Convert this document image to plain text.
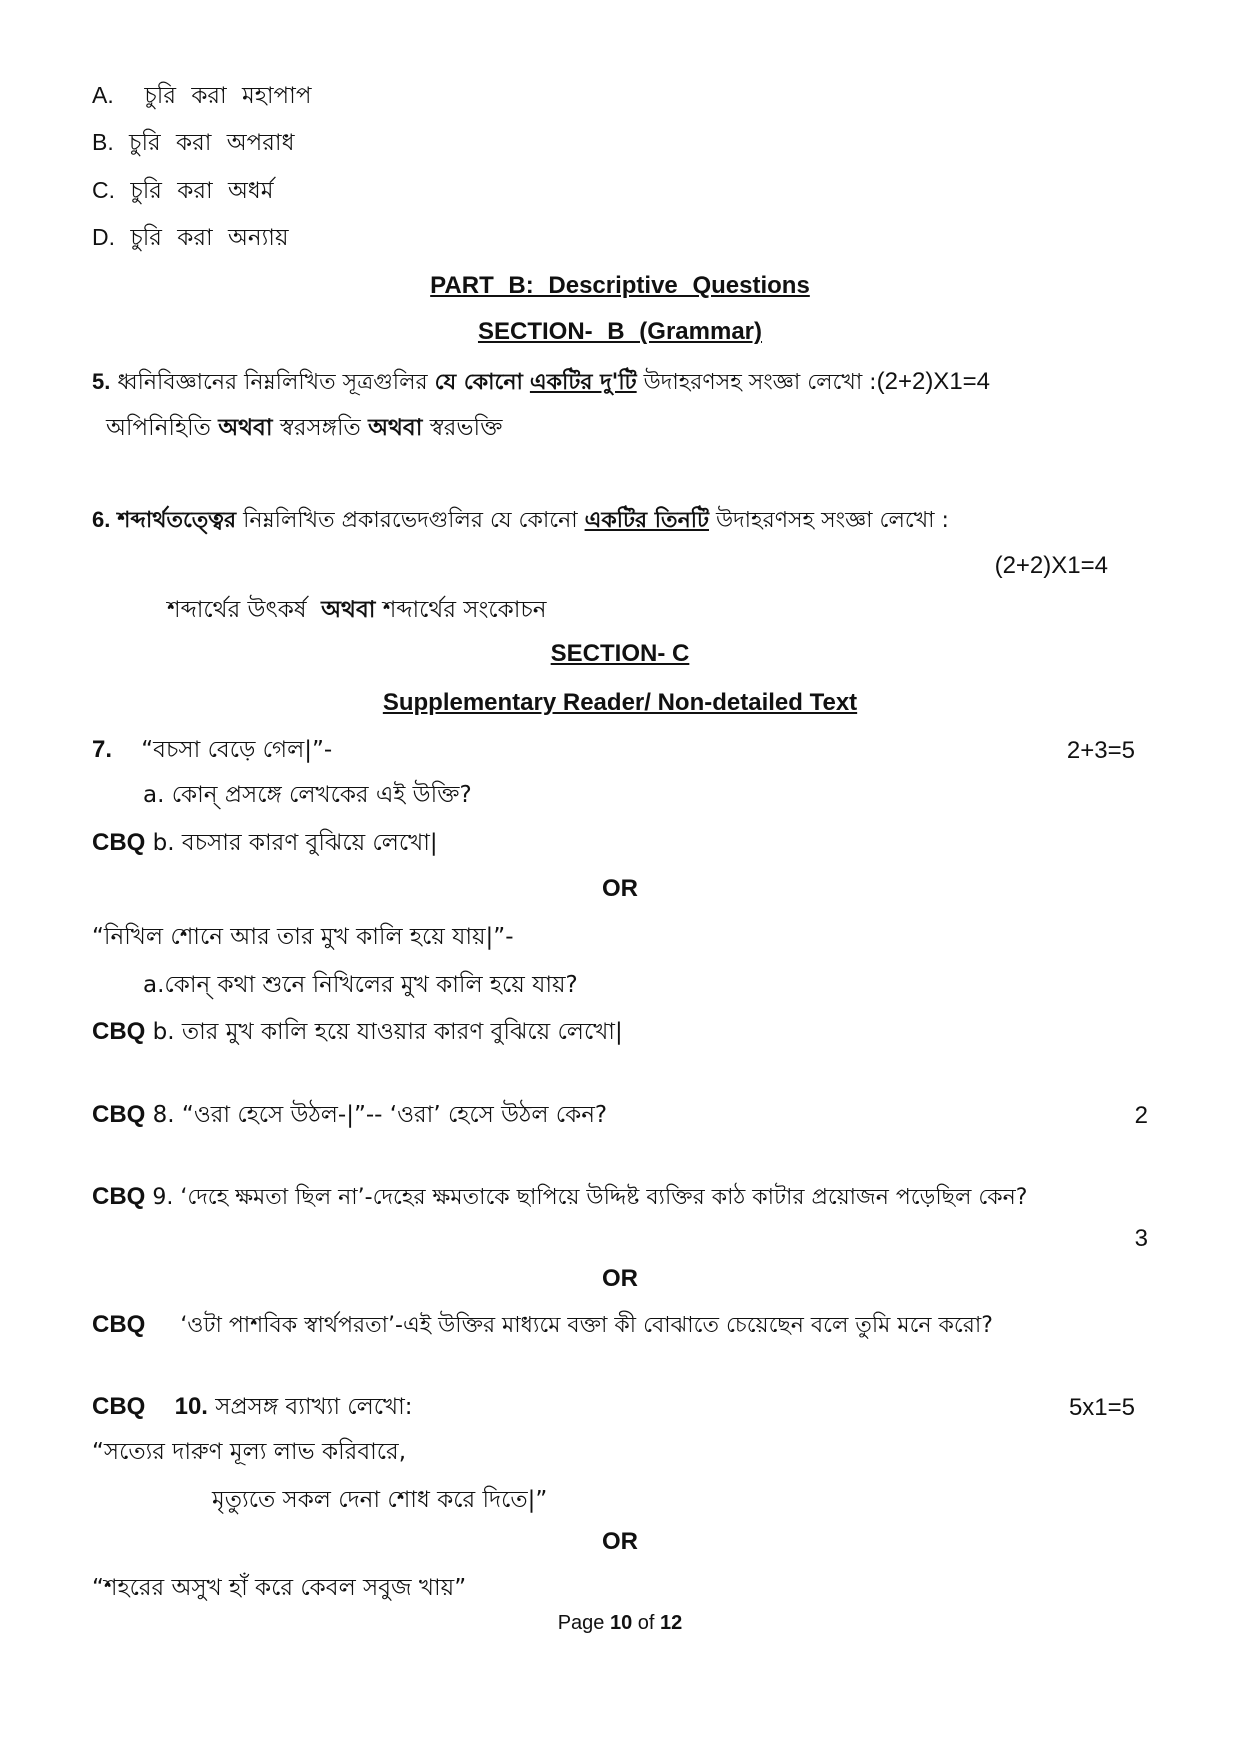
A. চুরি করা মহাপাপ
B. চুরি করা অপরাধ
C. চুরি করা অধর্ম
D. চুরি করা অন্যায়
PART B: Descriptive Questions
SECTION- B (Grammar)
5. ধ্বনিবিজ্ঞানের নিম্নলিখিত সূত্রগুলির যে কোনো একটির দু'টি উদাহরণসহ সংজ্ঞা লেখো :(2+2)X1=4
অপিনিহিতি অথবা স্বরসঙ্গতি অথবা স্বরভক্তি
6. শব্দার্থতত্ত্বের নিম্নলিখিত প্রকারভেদগুলির যে কোনো একটির তিনটি উদাহরণসহ সংজ্ঞা লেখো :
(2+2)X1=4
শব্দার্থের উৎকর্ষ অথবা শব্দার্থের সংকোচন
SECTION- C
Supplementary Reader/ Non-detailed Text
7. “বচসা বেড়ে গেল|”-	2+3=5
a. কোন্ প্রসঙ্গে লেখকের এই উক্তি?
CBQ b. বচসার কারণ বুঝিয়ে লেখো|
OR
“নিখিল শোনে আর তার মুখ কালি হয়ে যায়|”-
a.কোন্ কথা শুনে নিখিলের মুখ কালি হয়ে যায়?
CBQ b. তার মুখ কালি হয়ে যাওয়ার কারণ বুঝিয়ে লেখো|
CBQ 8. “ওরা হেসে উঠল-|”-- ‘ওরা’ হেসে উঠল কেন?	2
CBQ 9. ‘দেহে ক্ষমতা ছিল না’-দেহের ক্ষমতাকে ছাপিয়ে উদ্দিষ্ট ব্যক্তির কাঠ কাটার প্রয়োজন পড়েছিল কেন?
3
OR
CBQ ‘ওটা পাশবিক স্বার্থপরতা’-এই উক্তির মাধ্যমে বক্তা কী বোঝাতে চেয়েছেন বলে তুমি মনে করো?
CBQ 10. সপ্রসঙ্গ ব্যাখ্যা লেখো:	5x1=5
“সত্যের দারুণ মূল্য লাভ করিবারে,
মৃত্যুতে সকল দেনা শোধ করে দিতে|”
OR
“শহরের অসুখ হাঁ করে কেবল সবুজ খায়”
Page 10 of 12
